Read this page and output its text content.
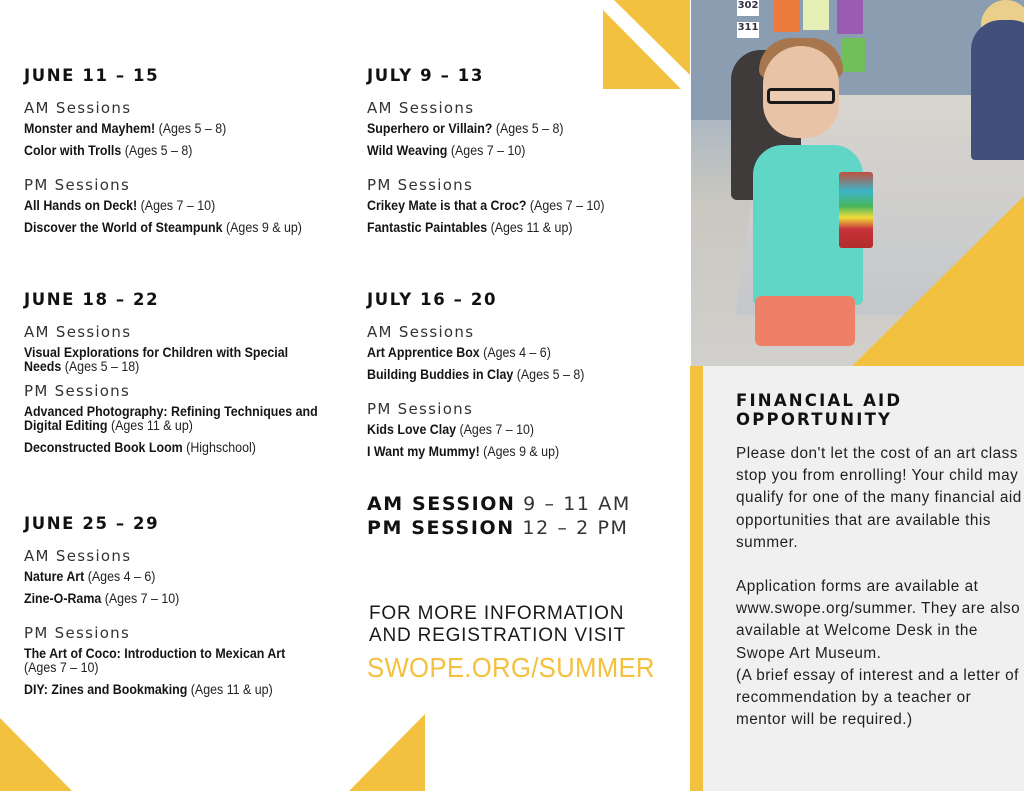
JUNE 11 – 15
AM Sessions
Monster and Mayhem! (Ages 5 – 8)
Color with Trolls (Ages 5 – 8)
PM Sessions
All Hands on Deck! (Ages 7 – 10)
Discover the World of Steampunk (Ages 9 & up)
JUNE 18 – 22
AM Sessions
Visual Explorations for Children with Special Needs (Ages 5 – 18)
PM Sessions
Advanced Photography: Refining Techniques and Digital Editing (Ages 11 & up)
Deconstructed Book Loom (Highschool)
JUNE 25 – 29
AM Sessions
Nature Art (Ages 4 – 6)
Zine-O-Rama (Ages 7 – 10)
PM Sessions
The Art of Coco: Introduction to Mexican Art (Ages 7 – 10)
DIY: Zines and Bookmaking (Ages 11 & up)
JULY 9 – 13
AM Sessions
Superhero or Villain? (Ages 5 – 8)
Wild Weaving (Ages 7 – 10)
PM Sessions
Crikey Mate is that a Croc? (Ages 7 – 10)
Fantastic Paintables (Ages 11 & up)
JULY 16 – 20
AM Sessions
Art Apprentice Box (Ages 4 – 6)
Building Buddies in Clay (Ages 5 – 8)
PM Sessions
Kids Love Clay (Ages 7 – 10)
I Want my Mummy! (Ages 9 & up)
AM SESSION 9 – 11 AM
PM SESSION 12 – 2 PM
FOR MORE INFORMATION
AND REGISTRATION VISIT
SWOPE.ORG/SUMMER
302
311
FINANCIAL AID
OPPORTUNITY

Please don't let the cost of an art class stop you from enrolling! Your child may qualify for one of the many financial aid opportunities that are available this summer.

Application forms are available at www.swope.org/summer. They are also available at Welcome Desk in the Swope Art Museum.

(A brief essay of interest and a letter of recommendation by a teacher or mentor will be required.)
